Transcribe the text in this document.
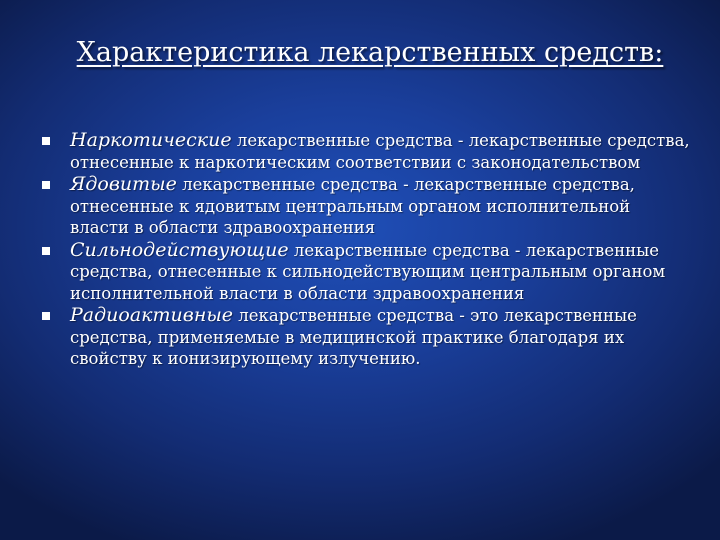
Характеристика лекарственных средств:
Наркотические лекарственные средства - лекарственные средства, отнесенные к наркотическим соответствии с законодательством
Ядовитые лекарственные средства - лекарственные средства, отнесенные к ядовитым центральным органом исполнительной власти в области здравоохранения
Сильнодействующие лекарственные средства - лекарственные средства, отнесенные к сильнодействующим центральным органом исполнительной власти в области здравоохранения
Радиоактивные лекарственные средства - это лекарственные средства, применяемые в медицинской практике благодаря их свойству к ионизирующему излучению.
